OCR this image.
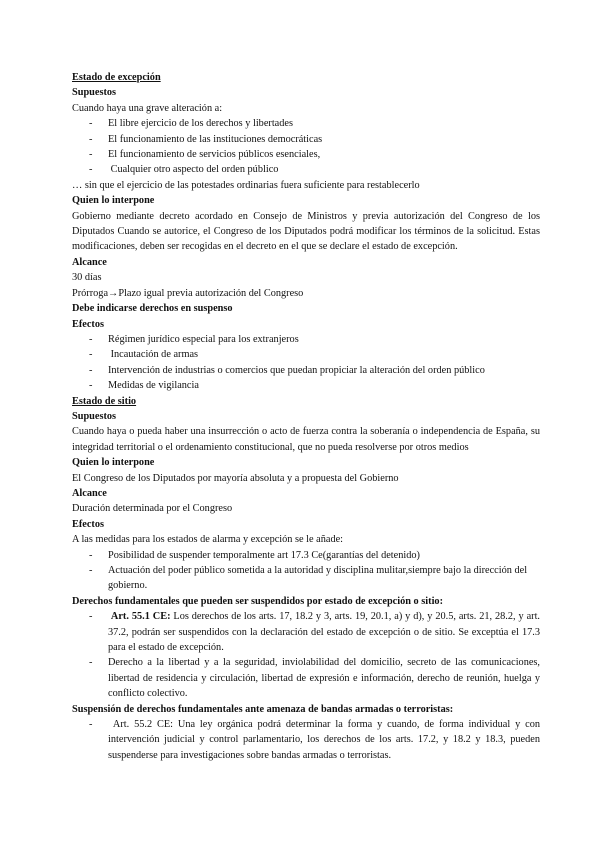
Estado de excepción

Supuestos

Cuando haya una grave alteración a:

- El libre ejercicio de los derechos y libertades
- El funcionamiento de las instituciones democráticas
- El funcionamiento de servicios públicos esenciales,
- Cualquier otro aspecto del orden público

… sin que el ejercicio de las potestades ordinarias fuera suficiente para restablecerlo

Quien lo interpone

Gobierno mediante decreto acordado en Consejo de Ministros y previa autorización del Congreso de los Diputados Cuando se autorice, el Congreso de los Diputados podrá modificar los términos de la solicitud. Estas modificaciones, deben ser recogidas en el decreto en el que se declare el estado de excepción.

Alcance

30 días

Prórroga→Plazo igual previa autorización del Congreso

Debe indicarse derechos en suspenso

Efectos

- Régimen jurídico especial para los extranjeros
- Incautación de armas
- Intervención de industrias o comercios que puedan propiciar la alteración del orden público
- Medidas de vigilancia

Estado de sitio

Supuestos

Cuando haya o pueda haber una insurrección o acto de fuerza contra la soberanía o independencia de España, su integridad territorial o el ordenamiento constitucional, que no pueda resolverse por otros medios

Quien lo interpone

El Congreso de los Diputados por mayoría absoluta y a propuesta del Gobierno

Alcance

Duración determinada por el Congreso

Efectos

A las medidas para los estados de alarma y excepción se le añade:

- Posibilidad de suspender temporalmente art 17.3 Ce(garantías del detenido)
- Actuación del poder público sometida a la autoridad y disciplina mulitar,siempre bajo la dirección del gobierno.

Derechos fundamentales que pueden ser suspendidos por estado de excepción o sitio:

- Art. 55.1 CE: Los derechos de los arts. 17, 18.2 y 3, arts. 19, 20.1, a) y d), y 20.5, arts. 21, 28.2, y art. 37.2, podrán ser suspendidos con la declaración del estado de excepción o de sitio. Se exceptúa el 17.3 para el estado de excepción.
- Derecho a la libertad y a la seguridad, inviolabilidad del domicilio, secreto de las comunicaciones, libertad de residencia y circulación, libertad de expresión e información, derecho de reunión, huelga y conflicto colectivo.

Suspensión de derechos fundamentales ante amenaza de bandas armadas o terroristas:

- Art. 55.2 CE: Una ley orgánica podrá determinar la forma y cuando, de forma individual y con intervención judicial y control parlamentario, los derechos de los arts. 17.2, y 18.2 y 18.3, pueden suspenderse para investigaciones sobre bandas armadas o terroristas.
